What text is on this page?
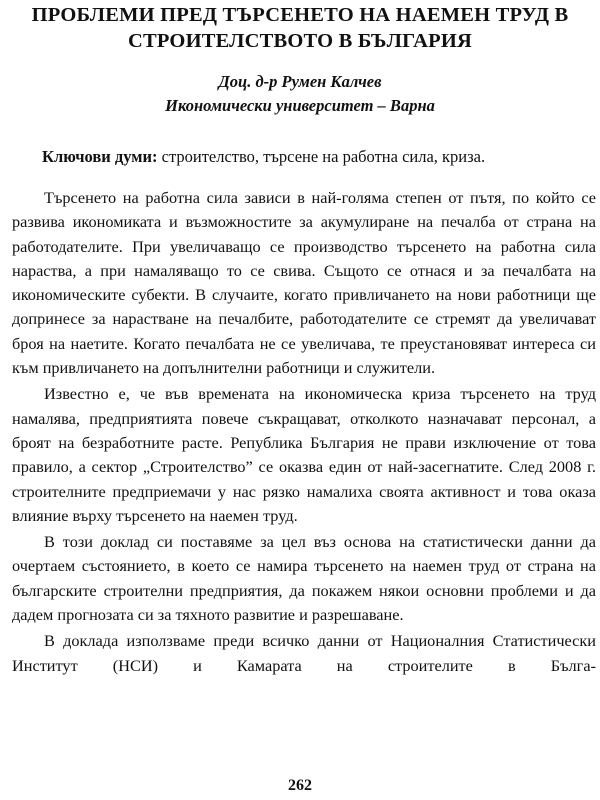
ПРОБЛЕМИ ПРЕД ТЪРСЕНЕТО НА НАЕМЕН ТРУД В
СТРОИТЕЛСТВОТО В БЪЛГАРИЯ
Доц. д-р Румен Калчев
Икономически университет – Варна
Ключови думи: строителство, търсене на работна сила, криза.

Търсенето на работна сила зависи в най-голяма степен от пътя, по който се развива икономиката и възможностите за акумулиране на печалба от страна на работодателите. При увеличаващо се производство търсенето на работна сила нараства, а при намаляващо то се свива. Същото се отнася и за печалбата на икономическите субекти. В случаите, когато привличането на нови работници ще допринесе за нарастване на печалбите, работодателите се стремят да увеличават броя на наетите. Когато печалбата не се увеличава, те преустановяват интереса си към привличането на допълнителни работници и служители.

Известно е, че във времената на икономическа криза търсенето на труд намалява, предприятията повече съкращават, отколкото назначават персонал, а броят на безработните расте. Република България не прави изключение от това правило, а сектор „Строителство” се оказва един от най-засегнатите. След 2008 г. строителните предприемачи у нас рязко намалиха своята активност и това оказа влияние върху търсенето на наемен труд.

В този доклад си поставяме за цел въз основа на статистически данни да очертаем състоянието, в което се намира търсенето на наемен труд от страна на българските строителни предприятия, да покажем някои основни проблеми и да дадем прогнозата си за тяхното развитие и разрешаване.

В доклада използваме преди всичко данни от Националния Статистически Институт (НСИ) и Камарата на строителите в Бълга-

262
